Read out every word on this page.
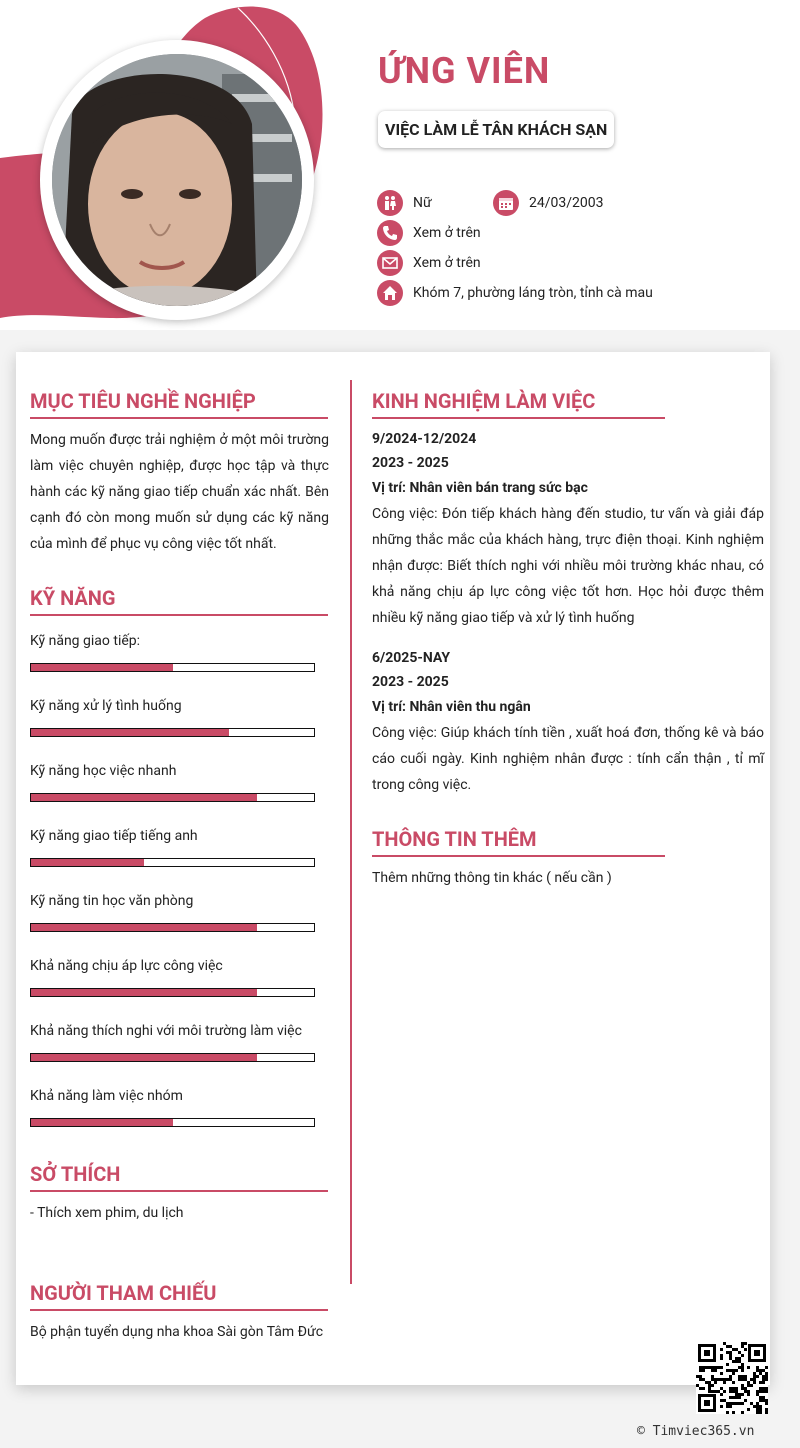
ỨNG VIÊN
VIỆC LÀM LỄ TÂN KHÁCH SẠN
Nữ	24/03/2003
Xem ở trên
Xem ở trên
Khóm 7, phường láng tròn, tỉnh cà mau
MỤC TIÊU NGHỀ NGHIỆP
Mong muốn được trải nghiệm ở một môi trường làm việc chuyên nghiệp, được học tập và thực hành các kỹ năng giao tiếp chuẩn xác nhất. Bên cạnh đó còn mong muốn sử dụng các kỹ năng của mình để phục vụ công việc tốt nhất.
KỸ NĂNG
Kỹ năng giao tiếp:
Kỹ năng xử lý tình huống
Kỹ năng học việc nhanh
Kỹ năng giao tiếp tiếng anh
Kỹ năng tin học văn phòng
Khả năng chịu áp lực công việc
Khả năng thích nghi với môi trường làm việc
Khả năng làm việc nhóm
SỞ THÍCH
- Thích xem phim, du lịch
NGƯỜI THAM CHIẾU
Bộ phận tuyển dụng nha khoa Sài gòn Tâm Đức
KINH NGHIỆM LÀM VIỆC
9/2024-12/2024
2023 - 2025
Vị trí: Nhân viên bán trang sức bạc
Công việc: Đón tiếp khách hàng đến studio, tư vấn và giải đáp những thắc mắc của khách hàng, trực điện thoại. Kinh nghiệm nhận được: Biết thích nghi với nhiều môi trường khác nhau, có khả năng chịu áp lực công việc tốt hơn. Học hỏi được thêm nhiều kỹ năng giao tiếp và xử lý tình huống
6/2025-NAY
2023 - 2025
Vị trí: Nhân viên thu ngân
Công việc: Giúp khách tính tiền , xuất hoá đơn, thống kê và báo cáo cuối ngày. Kinh nghiệm nhân được : tính cẩn thận , tỉ mĩ trong công việc.
THÔNG TIN THÊM
Thêm những thông tin khác ( nếu cần )
© Timviec365.vn
